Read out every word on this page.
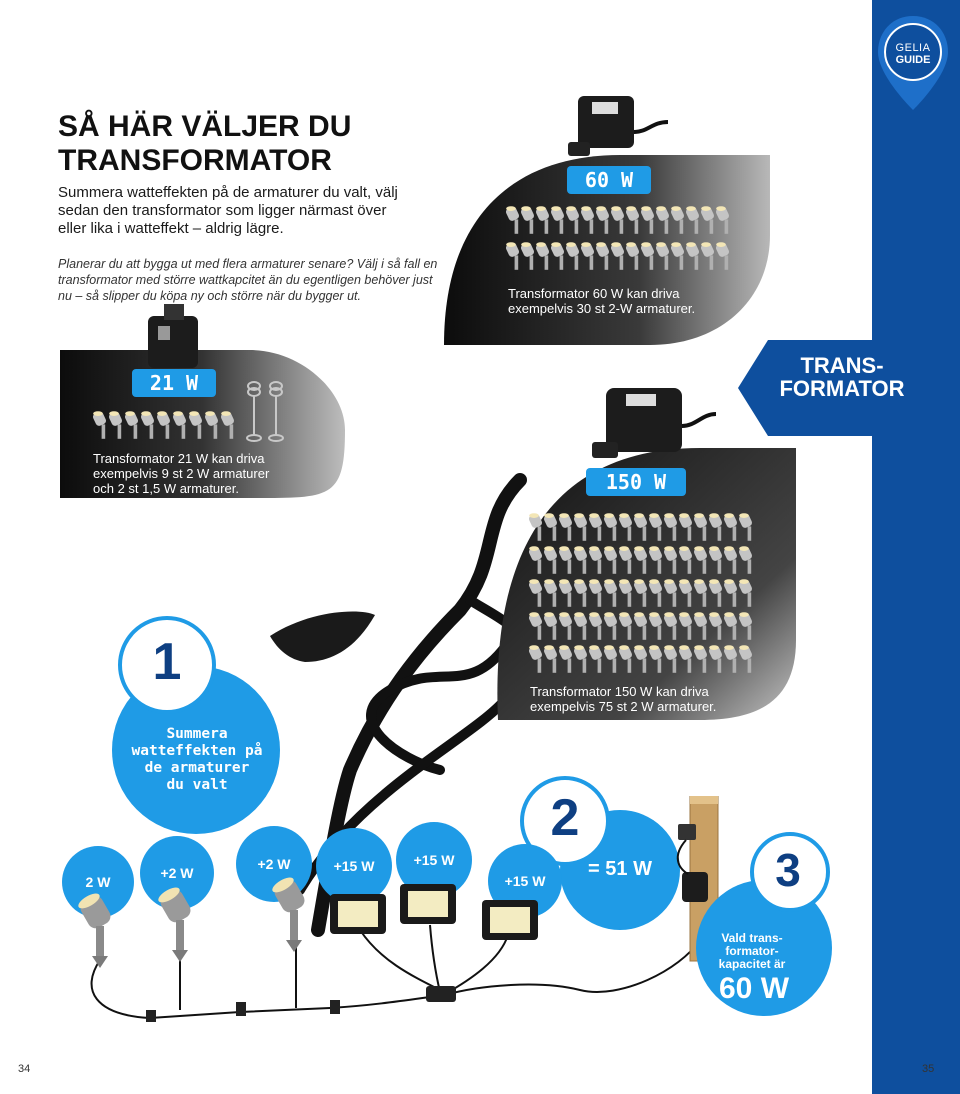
GELIA
GUIDE
TRANS-
FORMATOR
SÅ HÄR VÄLJER DU
TRANSFORMATOR
Summera watteffekten på de armaturer du valt, välj sedan den transformator som ligger närmast över eller lika i watteffekt – aldrig lägre.
Planerar du att bygga ut med flera armaturer senare? Välj i så fall en transformator med större wattkapcitet än du egentligen behöver just nu – så slipper du köpa ny och större när du bygger ut.
60 W
21 W
150 W
Transformator 60 W kan driva
exempelvis 30 st 2-W armaturer.
Transformator 21 W kan driva
exempelvis 9 st 2 W armaturer
och 2 st 1,5 W armaturer.
Transformator 150 W kan driva
exempelvis 75 st 2 W armaturer.
1
Summera
watteffekten på
de armaturer
du valt
2
= 51 W	3
Vald trans-
formator-
kapacitet är
60 W
2 W
+2 W
+2 W	+15 W	+15 W
+15 W
34	35
